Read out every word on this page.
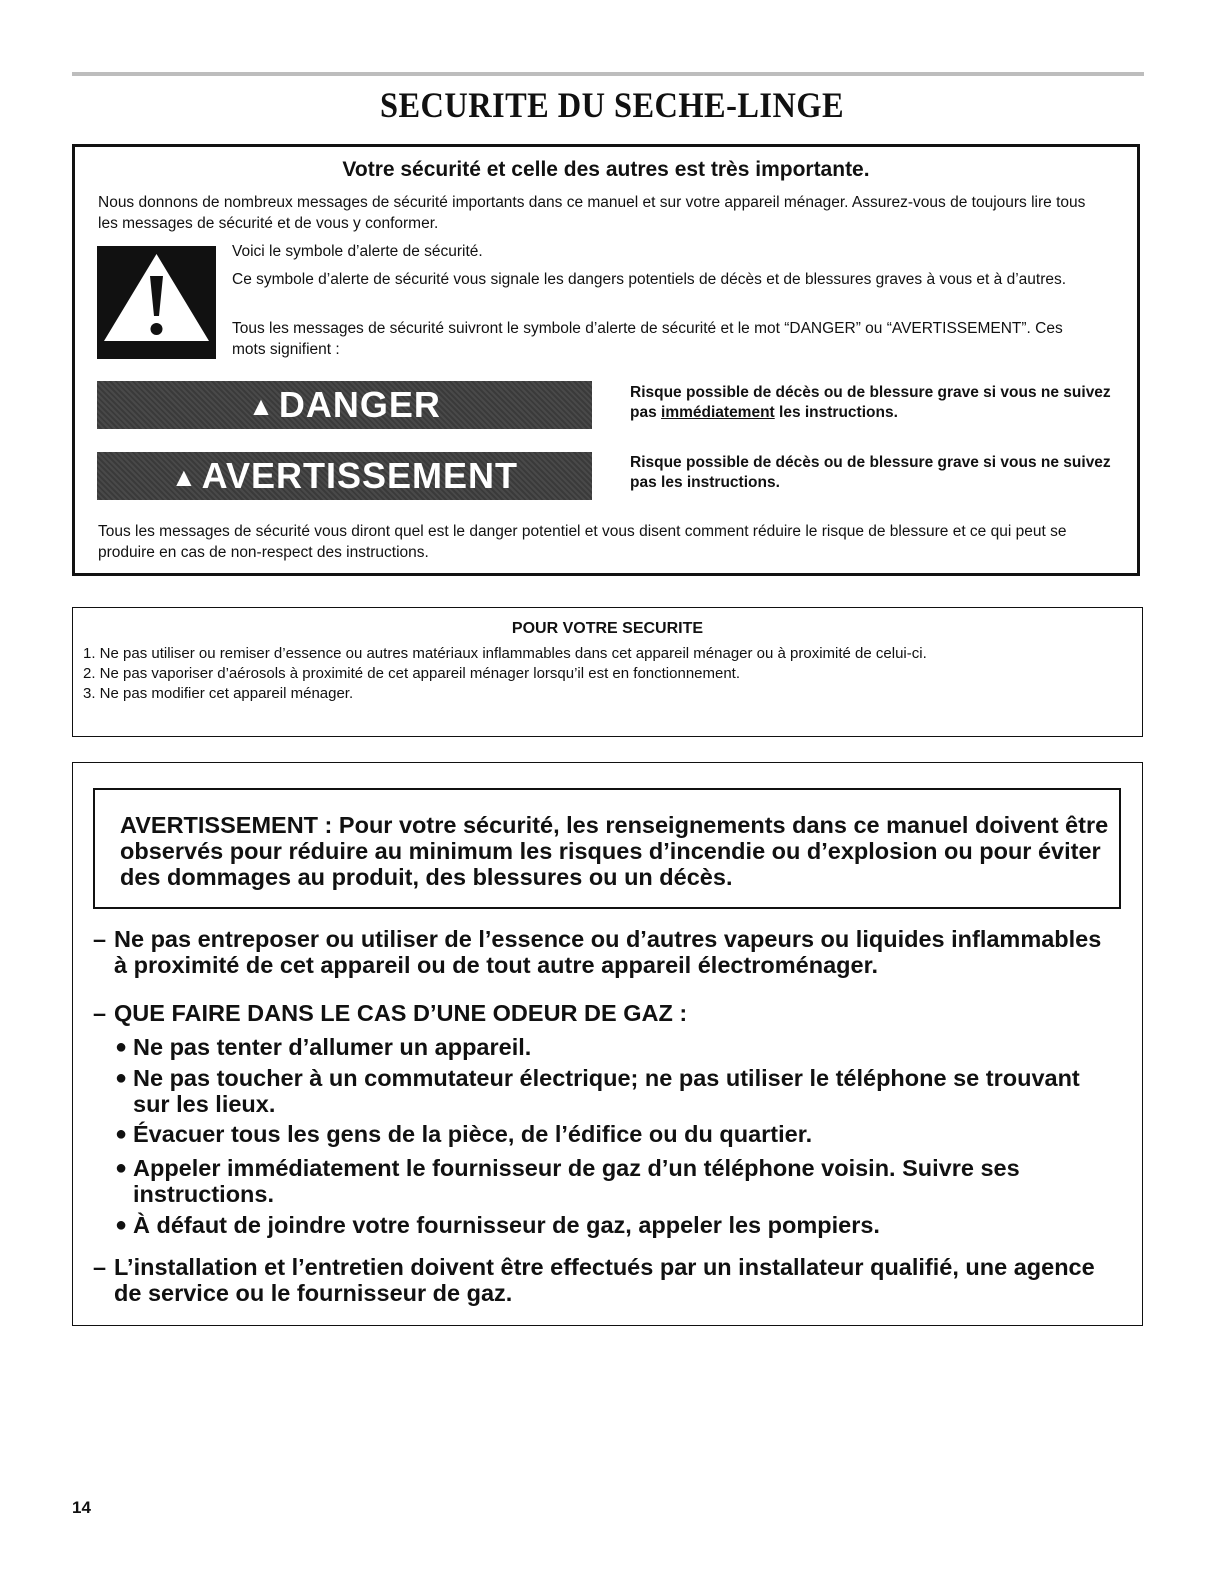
SECURITE DU SECHE-LINGE
Votre sécurité et celle des autres est très importante.

Nous donnons de nombreux messages de sécurité importants dans ce manuel et sur votre appareil ménager. Assurez-vous de toujours lire tous les messages de sécurité et de vous y conformer.

Voici le symbole d’alerte de sécurité.

Ce symbole d’alerte de sécurité vous signale les dangers potentiels de décès et de blessures graves à vous et à d’autres.

Tous les messages de sécurité suivront le symbole d’alerte de sécurité et le mot “DANGER” ou “AVERTISSEMENT”. Ces mots signifient :

▲ DANGER	Risque possible de décès ou de blessure grave si vous ne suivez pas immédiatement les instructions.

▲ AVERTISSEMENT	Risque possible de décès ou de blessure grave si vous ne suivez pas les instructions.

Tous les messages de sécurité vous diront quel est le danger potentiel et vous disent comment réduire le risque de blessure et ce qui peut se produire en cas de non-respect des instructions.

POUR VOTRE SECURITE
1. Ne pas utiliser ou remiser d’essence ou autres matériaux inflammables dans cet appareil ménager ou à proximité de celui-ci.
2. Ne pas vaporiser d’aérosols à proximité de cet appareil ménager lorsqu’il est en fonctionnement.
3. Ne pas modifier cet appareil ménager.

AVERTISSEMENT : Pour votre sécurité, les renseignements dans ce manuel doivent être observés pour réduire au minimum les risques d’incendie ou d’explosion ou pour éviter des dommages au produit, des blessures ou un décès.

– Ne pas entreposer ou utiliser de l’essence ou d’autres vapeurs ou liquides inflammables à proximité de cet appareil ou de tout autre appareil électroménager.

– QUE FAIRE DANS LE CAS D’UNE ODEUR DE GAZ :

● Ne pas tenter d’allumer un appareil.

● Ne pas toucher à un commutateur électrique; ne pas utiliser le téléphone se trouvant sur les lieux.

● Évacuer tous les gens de la pièce, de l’édifice ou du quartier.

● Appeler immédiatement le fournisseur de gaz d’un téléphone voisin. Suivre ses instructions.

● À défaut de joindre votre fournisseur de gaz, appeler les pompiers.

– L’installation et l’entretien doivent être effectués par un installateur qualifié, une agence de service ou le fournisseur de gaz.

14
